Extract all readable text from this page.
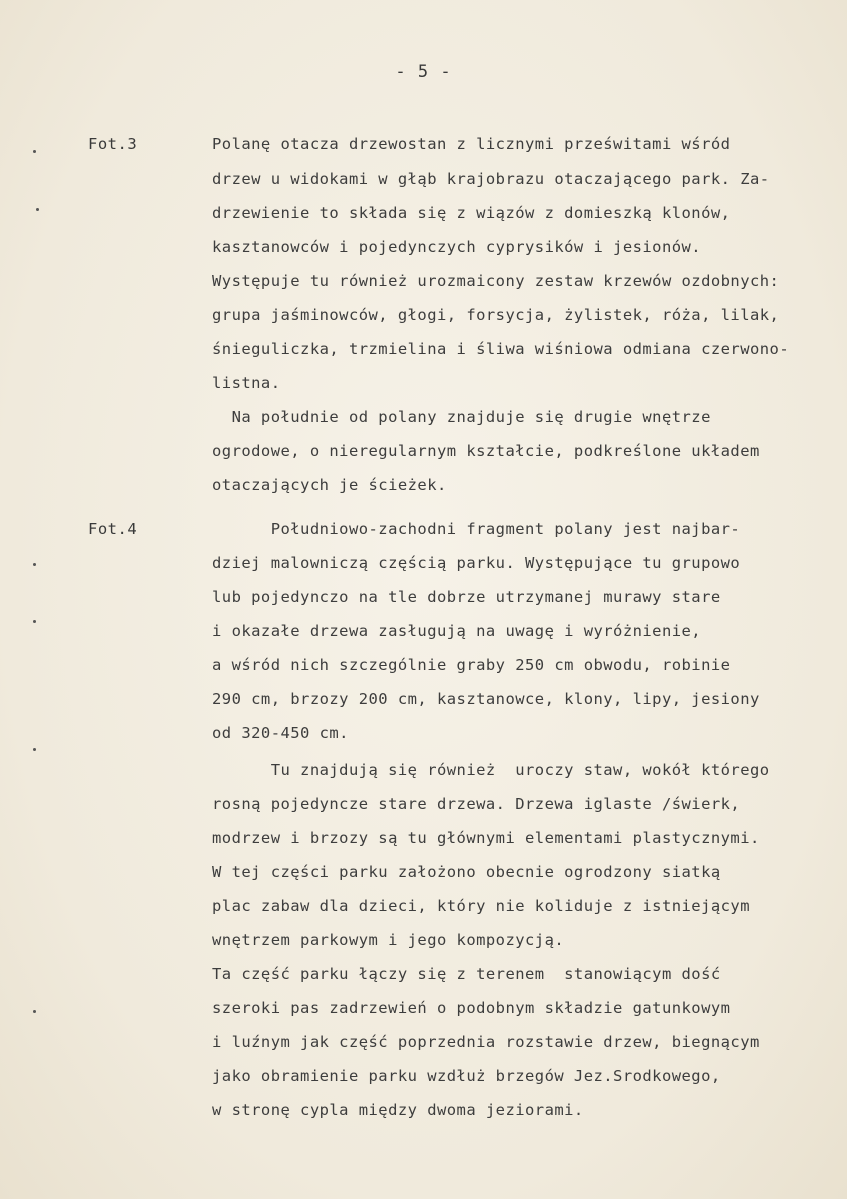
- 5 -
Fot.3
Fot.4
Polanę otacza drzewostan z licznymi prześwitami wśród
drzew u widokami w głąb krajobrazu otaczającego park. Za-
drzewienie to składa się z wiązów z domieszką klonów,
kasztanowców i pojedynczych cyprysików i jesionów.
Występuje tu również urozmaicony zestaw krzewów ozdobnych:
grupa jaśminowców, głogi, forsycja, żylistek, róża, lilak,
śnieguliczka, trzmielina i śliwa wiśniowa odmiana czerwono-
listna.
Na południe od polany znajduje się drugie wnętrze
ogrodowe, o nieregularnym kształcie, podkreślone układem
otaczających je ścieżek.
Południowo-zachodni fragment polany jest najbar-
dziej malowniczą częścią parku. Występujące tu grupowo
lub pojedynczo na tle dobrze utrzymanej murawy stare
i okazałe drzewa zasługują na uwagę i wyróżnienie,
a wśród nich szczególnie graby 250 cm obwodu, robinie
290 cm, brzozy 200 cm, kasztanowce, klony, lipy, jesiony
od 320-450 cm.
Tu znajdują się również  uroczy staw, wokół którego
rosną pojedyncze stare drzewa. Drzewa iglaste /świerk,
modrzew i brzozy są tu głównymi elementami plastycznymi.
W tej części parku założono obecnie ogrodzony siatką
plac zabaw dla dzieci, który nie koliduje z istniejącym
wnętrzem parkowym i jego kompozycją.
Ta część parku łączy się z terenem  stanowiącym dość
szeroki pas zadrzewień o podobnym składzie gatunkowym
i luźnym jak część poprzednia rozstawie drzew, biegnącym
jako obramienie parku wzdłuż brzegów Jez.Srodkowego,
w stronę cypla między dwoma jeziorami.
